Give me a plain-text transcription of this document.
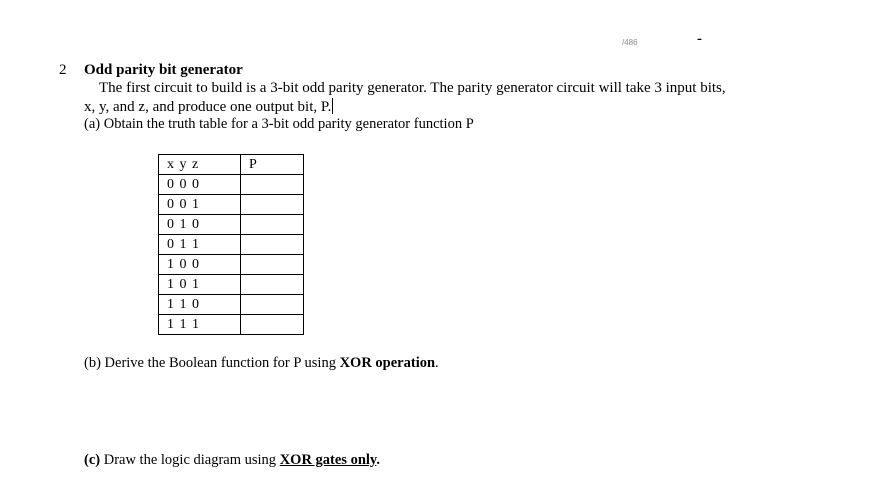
/486	-
2 Odd parity bit generator
The first circuit to build is a 3-bit odd parity generator. The parity generator circuit will take 3 input bits,
x, y, and z, and produce one output bit, P.
(a) Obtain the truth table for a 3-bit odd parity generator function P
x y z	P
0 0 0	
0 0 1	
0 1 0	
0 1 1	
1 0 0	
1 0 1	
1 1 0	
1 1 1	
(b) Derive the Boolean function for P using XOR operation.
(c) Draw the logic diagram using XOR gates only.
